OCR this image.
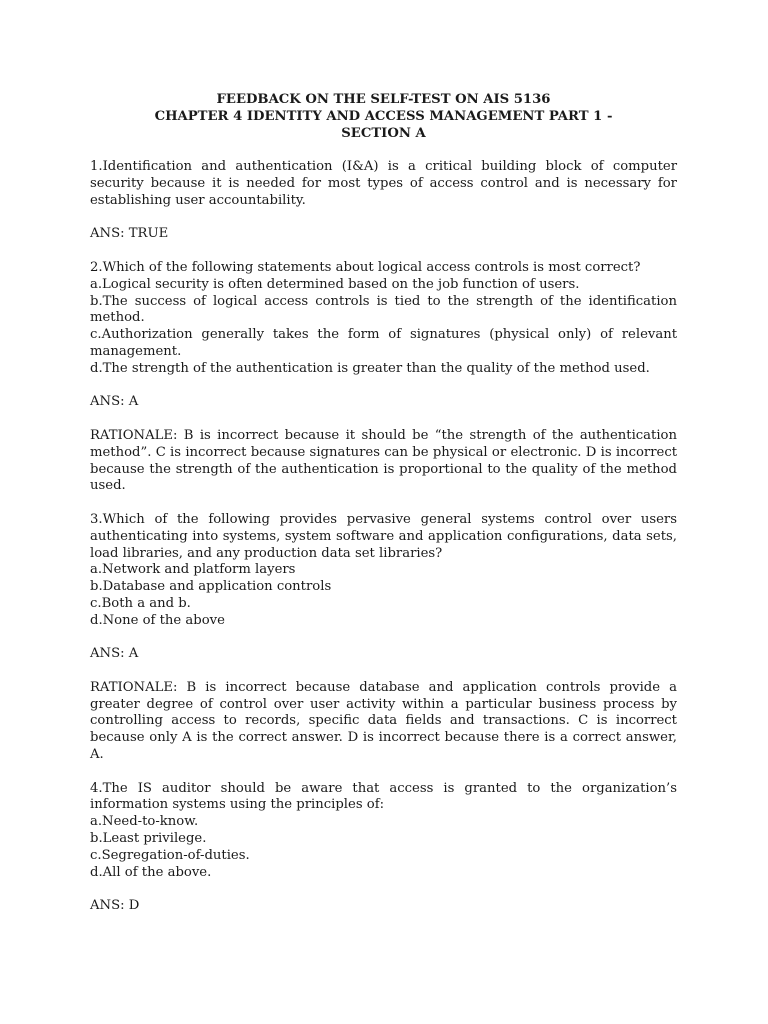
FEEDBACK ON THE SELF-TEST ON AIS 5136
CHAPTER 4 IDENTITY AND ACCESS MANAGEMENT PART 1 -
SECTION A
1.Identification and authentication (I&A) is a critical building block of computer security because it is needed for most types of access control and is necessary for establishing user accountability.
ANS: TRUE
2.Which of the following statements about logical access controls is most correct?
a.Logical security is often determined based on the job function of users.
b.The success of logical access controls is tied to the strength of the identification method.
c.Authorization generally takes the form of signatures (physical only) of relevant management.
d.The strength of the authentication is greater than the quality of the method used.
ANS: A
RATIONALE: B is incorrect because it should be “the strength of the authentication method”. C is incorrect because signatures can be physical or electronic. D is incorrect because the strength of the authentication is proportional to the quality of the method used.
3.Which of the following provides pervasive general systems control over users authenticating into systems, system software and application configurations, data sets, load libraries, and any production data set libraries?
a.Network and platform layers
b.Database and application controls
c.Both a and b.
d.None of the above
ANS: A
RATIONALE: B is incorrect because database and application controls provide a greater degree of control over user activity within a particular business process by controlling access to records, specific data fields and transactions. C is incorrect because only A is the correct answer. D is incorrect because there is a correct answer, A.
4.The IS auditor should be aware that access is granted to the organization’s information systems using the principles of:
a.Need-to-know.
b.Least privilege.
c.Segregation-of-duties.
d.All of the above.
ANS: D
